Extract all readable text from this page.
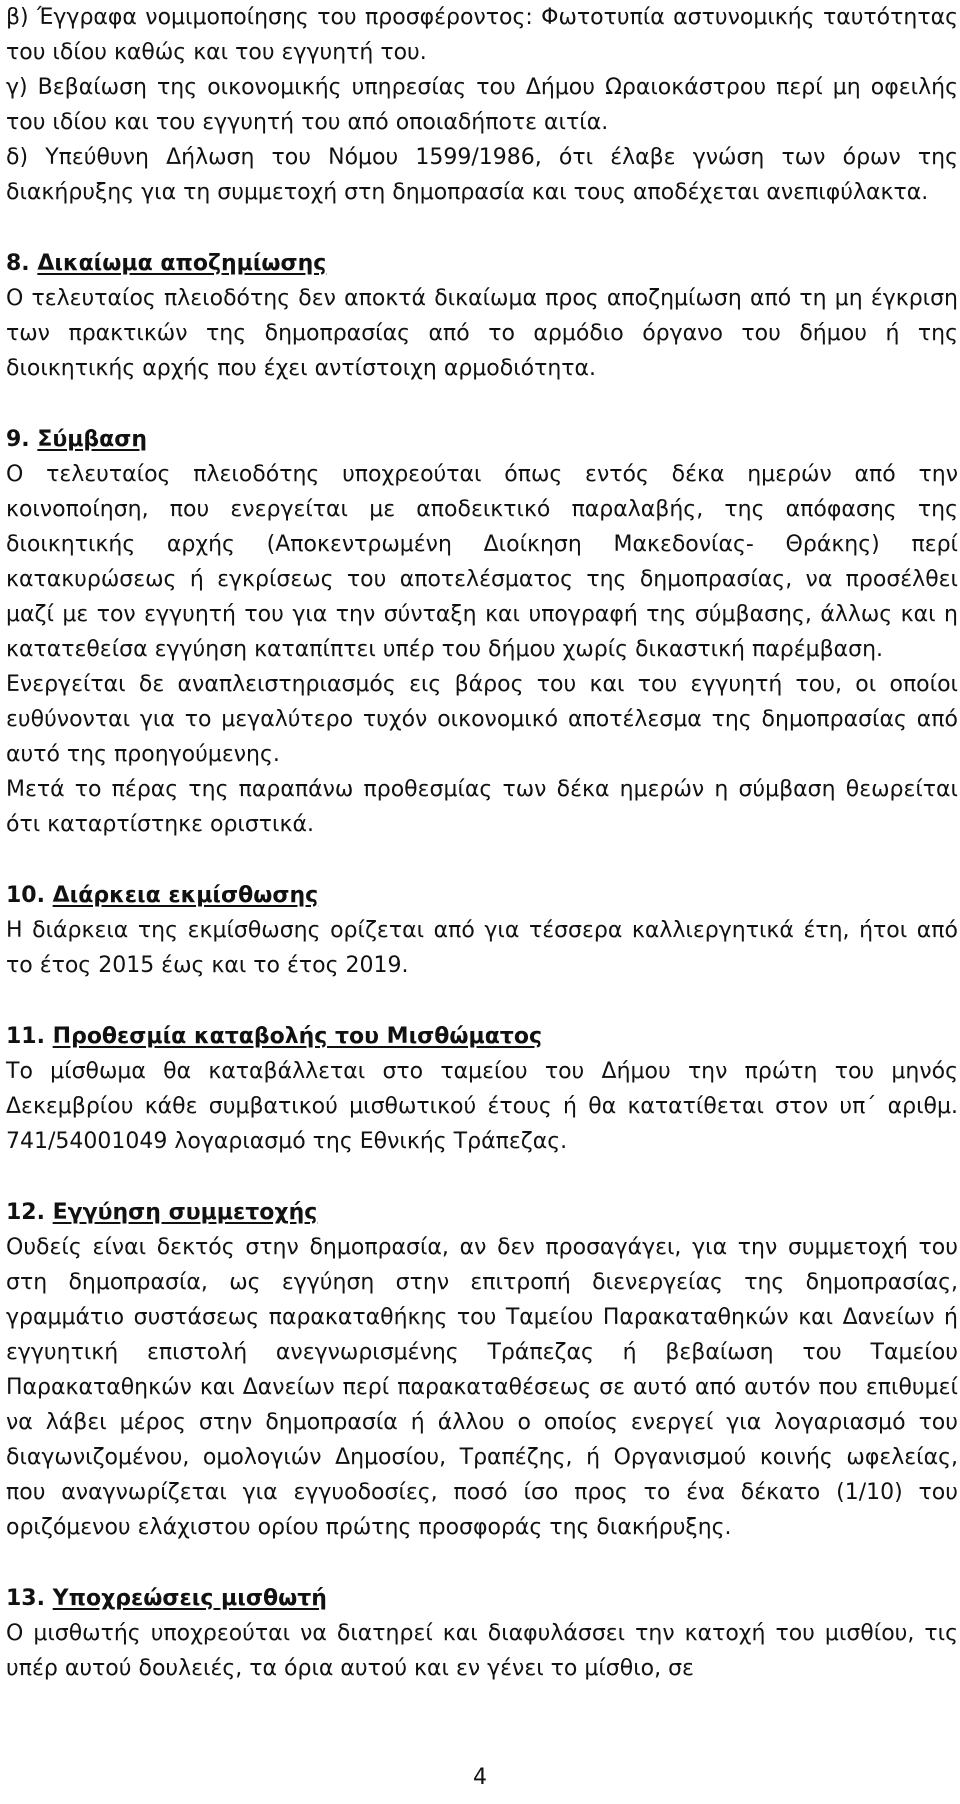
β) Έγγραφα νομιμοποίησης του προσφέροντος: Φωτοτυπία αστυνομικής ταυτότητας του ιδίου καθώς και του εγγυητή του.

γ) Βεβαίωση της οικονομικής υπηρεσίας του Δήμου Ωραιοκάστρου περί μη οφειλής του ιδίου και του εγγυητή του από οποιαδήποτε αιτία.

δ) Υπεύθυνη Δήλωση του Νόμου 1599/1986, ότι έλαβε γνώση των όρων της διακήρυξης για τη συμμετοχή στη δημοπρασία και τους αποδέχεται ανεπιφύλακτα.

8. Δικαίωμα αποζημίωσης

Ο τελευταίος πλειοδότης δεν αποκτά δικαίωμα προς αποζημίωση από τη μη έγκριση των πρακτικών της δημοπρασίας από το αρμόδιο όργανο του δήμου ή της διοικητικής αρχής που έχει αντίστοιχη αρμοδιότητα.

9. Σύμβαση

Ο τελευταίος πλειοδότης υποχρεούται όπως εντός δέκα ημερών από την κοινοποίηση, που ενεργείται με αποδεικτικό παραλαβής, της απόφασης της διοικητικής αρχής (Αποκεντρωμένη Διοίκηση Μακεδονίας- Θράκης) περί κατακυρώσεως ή εγκρίσεως του αποτελέσματος της δημοπρασίας, να προσέλθει μαζί με τον εγγυητή του για την σύνταξη και υπογραφή της σύμβασης, άλλως και η κατατεθείσα εγγύηση καταπίπτει υπέρ του δήμου χωρίς δικαστική παρέμβαση.

Ενεργείται δε αναπλειστηριασμός εις βάρος του και του εγγυητή του, οι οποίοι ευθύνονται για το μεγαλύτερο τυχόν οικονομικό αποτέλεσμα της δημοπρασίας από αυτό της προηγούμενης.

Μετά το πέρας της παραπάνω προθεσμίας των δέκα ημερών η σύμβαση θεωρείται ότι καταρτίστηκε οριστικά.

10. Διάρκεια εκμίσθωσης

Η διάρκεια της εκμίσθωσης ορίζεται από για τέσσερα καλλιεργητικά έτη, ήτοι από το έτος 2015 έως και το έτος 2019.

11. Προθεσμία καταβολής του Μισθώματος

Το μίσθωμα θα καταβάλλεται στο ταμείου του Δήμου την πρώτη του μηνός Δεκεμβρίου κάθε συμβατικού μισθωτικού έτους ή θα κατατίθεται στον υπ΄ αριθμ. 741/54001049 λογαριασμό της Εθνικής Τράπεζας.

12. Εγγύηση συμμετοχής

Ουδείς είναι δεκτός στην δημοπρασία, αν δεν προσαγάγει, για την συμμετοχή του στη δημοπρασία, ως εγγύηση στην επιτροπή διενεργείας της δημοπρασίας, γραμμάτιο συστάσεως παρακαταθήκης του Ταμείου Παρακαταθηκών και Δανείων ή εγγυητική επιστολή ανεγνωρισμένης Τράπεζας ή βεβαίωση του Ταμείου Παρακαταθηκών και Δανείων περί παρακαταθέσεως σε αυτό από αυτόν που επιθυμεί να λάβει μέρος στην δημοπρασία ή άλλου ο οποίος ενεργεί για λογαριασμό του διαγωνιζομένου, ομολογιών Δημοσίου, Τραπέζης, ή Οργανισμού κοινής ωφελείας, που αναγνωρίζεται για εγγυοδοσίες, ποσό ίσο προς το ένα δέκατο (1/10) του οριζόμενου ελάχιστου ορίου πρώτης προσφοράς της διακήρυξης.

13. Υποχρεώσεις μισθωτή

Ο μισθωτής υποχρεούται να διατηρεί και διαφυλάσσει την κατοχή του μισθίου, τις υπέρ αυτού δουλειές, τα όρια αυτού και εν γένει το μίσθιο, σε

4
